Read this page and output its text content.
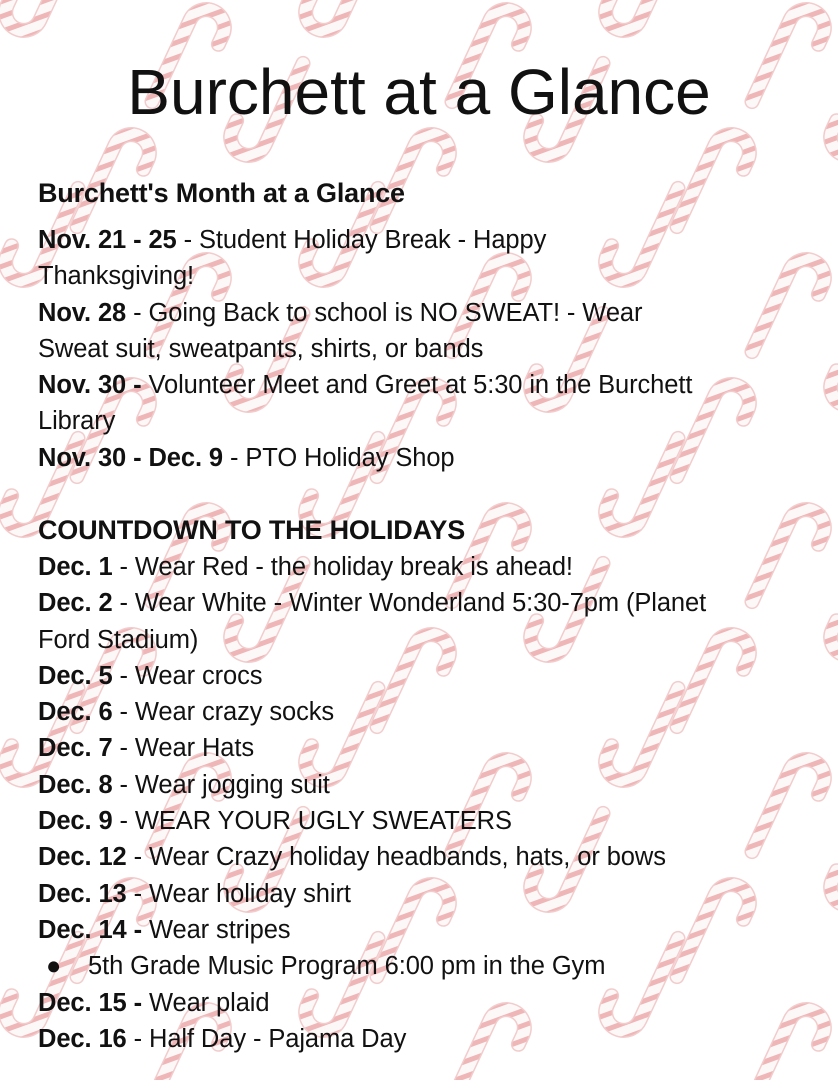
Burchett at a Glance
Burchett's Month at a Glance
Nov. 21 - 25 - Student Holiday Break - Happy
Thanksgiving!
Nov. 28 - Going Back to school is NO SWEAT! - Wear
Sweat suit, sweatpants, shirts, or bands
Nov. 30 - Volunteer Meet and Greet at 5:30 in the Burchett
Library
Nov. 30 - Dec. 9 - PTO Holiday Shop
COUNTDOWN TO THE HOLIDAYS
Dec. 1 - Wear Red - the holiday break is ahead!
Dec. 2 - Wear White - Winter Wonderland 5:30-7pm (Planet
Ford Stadium)
Dec. 5 - Wear crocs
Dec. 6 - Wear crazy socks
Dec. 7 - Wear Hats
Dec. 8 - Wear jogging suit
Dec. 9 - WEAR YOUR UGLY SWEATERS
Dec. 12 - Wear Crazy holiday headbands, hats, or bows
Dec. 13 - Wear holiday shirt
Dec. 14 - Wear stripes
● 5th Grade Music Program 6:00 pm in the Gym
Dec. 15 - Wear plaid
Dec. 16 - Half Day - Pajama Day
